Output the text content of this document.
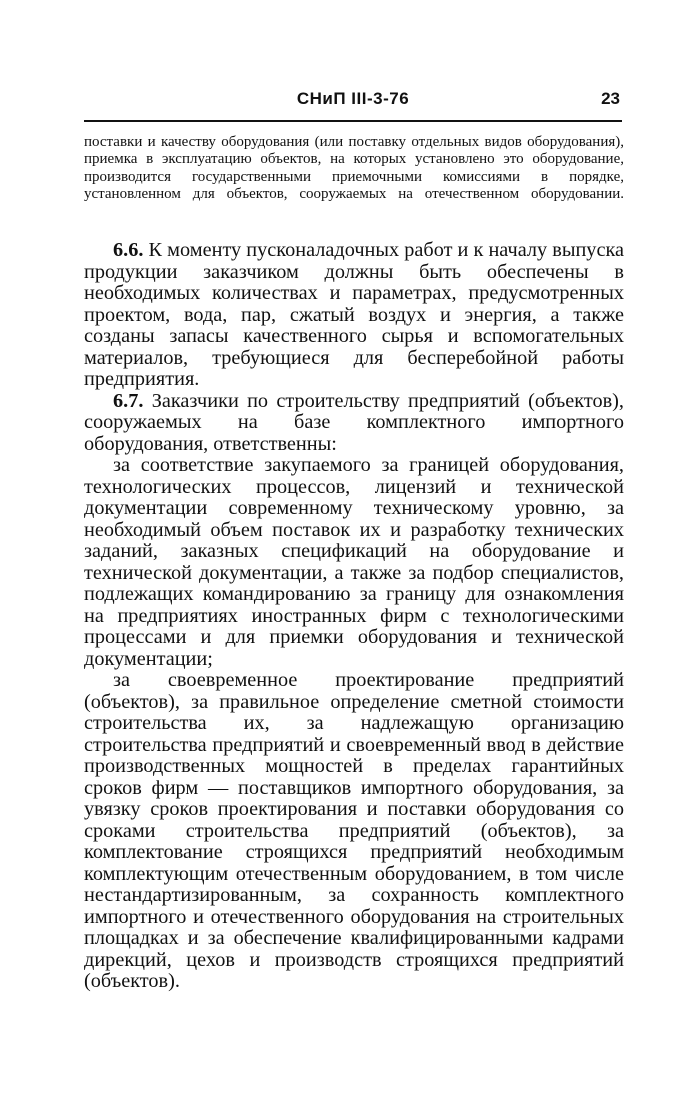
СНиП III-3-76	23
поставки и качеству оборудования (или поставку отдельных видов оборудования), приемка в эксплуатацию объектов, на которых установлено это оборудование, производится государственными приемочными комиссиями в порядке, установленном для объектов, сооружаемых на отечественном оборудовании.

6.6. К моменту пусконаладочных работ и к началу выпуска продукции заказчиком должны быть обеспечены в необходимых количествах и параметрах, предусмотренных проектом, вода, пар, сжатый воздух и энергия, а также созданы запасы качественного сырья и вспомогательных материалов, требующиеся для бесперебойной работы предприятия.

6.7. Заказчики по строительству предприятий (объектов), сооружаемых на базе комплектного импортного оборудования, ответственны:

за соответствие закупаемого за границей оборудования, технологических процессов, лицензий и технической документации современному техническому уровню, за необходимый объем поставок их и разработку технических заданий, заказных спецификаций на оборудование и технической документации, а также за подбор специалистов, подлежащих командированию за границу для ознакомления на предприятиях иностранных фирм с технологическими процессами и для приемки оборудования и технической документации;

за своевременное проектирование предприятий (объектов), за правильное определение сметной стоимости строительства их, за надлежащую организацию строительства предприятий и своевременный ввод в действие производственных мощностей в пределах гарантийных сроков фирм — поставщиков импортного оборудования, за увязку сроков проектирования и поставки оборудования со сроками строительства предприятий (объектов), за комплектование строящихся предприятий необходимым комплектующим отечественным оборудованием, в том числе нестандартизированным, за сохранность комплектного импортного и отечественного оборудования на строительных площадках и за обеспечение квалифицированными кадрами дирекций, цехов и производств строящихся предприятий (объектов).
